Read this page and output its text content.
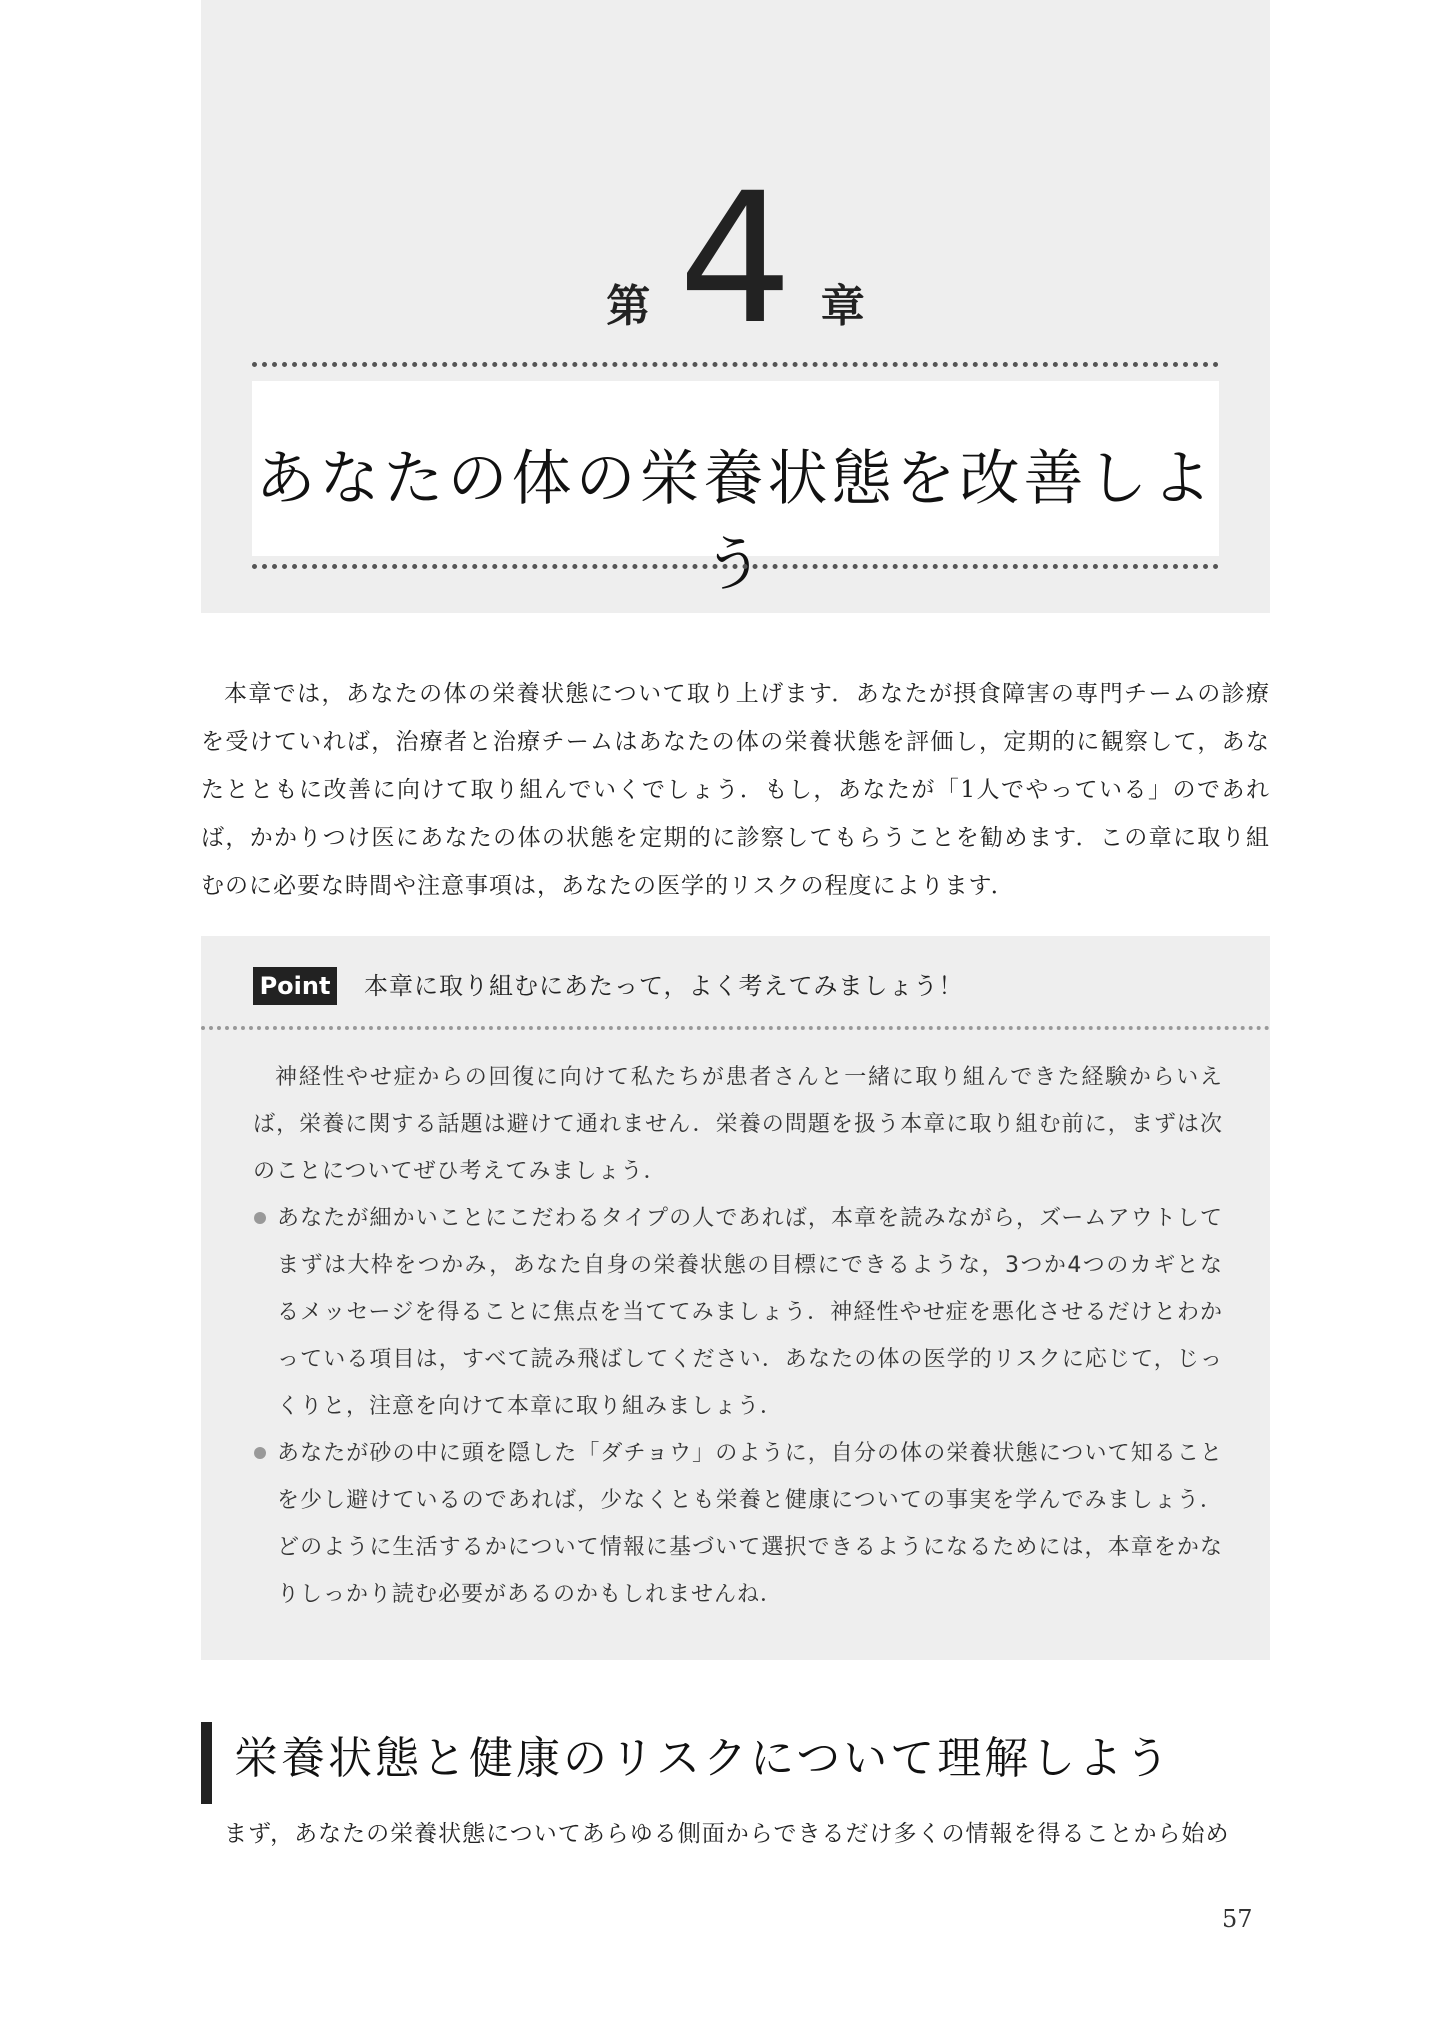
第 4 章
あなたの体の栄養状態を改善しよう

本章では，あなたの体の栄養状態について取り上げます．あなたが摂食障害の専門チームの診療を受けていれば，治療者と治療チームはあなたの体の栄養状態を評価し，定期的に観察して，あなたとともに改善に向けて取り組んでいくでしょう．もし，あなたが「1人でやっている」のであれば，かかりつけ医にあなたの体の状態を定期的に診察してもらうことを勧めます．この章に取り組むのに必要な時間や注意事項は，あなたの医学的リスクの程度によります．

Point 本章に取り組むにあたって，よく考えてみましょう！

神経性やせ症からの回復に向けて私たちが患者さんと一緒に取り組んできた経験からいえば，栄養に関する話題は避けて通れません．栄養の問題を扱う本章に取り組む前に，まずは次のことについてぜひ考えてみましょう．

あなたが細かいことにこだわるタイプの人であれば，本章を読みながら，ズームアウトしてまずは大枠をつかみ，あなた自身の栄養状態の目標にできるような，3つか4つのカギとなるメッセージを得ることに焦点を当ててみましょう．神経性やせ症を悪化させるだけとわかっている項目は，すべて読み飛ばしてください．あなたの体の医学的リスクに応じて，じっくりと，注意を向けて本章に取り組みましょう．
あなたが砂の中に頭を隠した「ダチョウ」のように，自分の体の栄養状態について知ることを少し避けているのであれば，少なくとも栄養と健康についての事実を学んでみましょう．どのように生活するかについて情報に基づいて選択できるようになるためには，本章をかなりしっかり読む必要があるのかもしれませんね．
栄養状態と健康のリスクについて理解しよう
まず，あなたの栄養状態についてあらゆる側面からできるだけ多くの情報を得ることから始め
57
